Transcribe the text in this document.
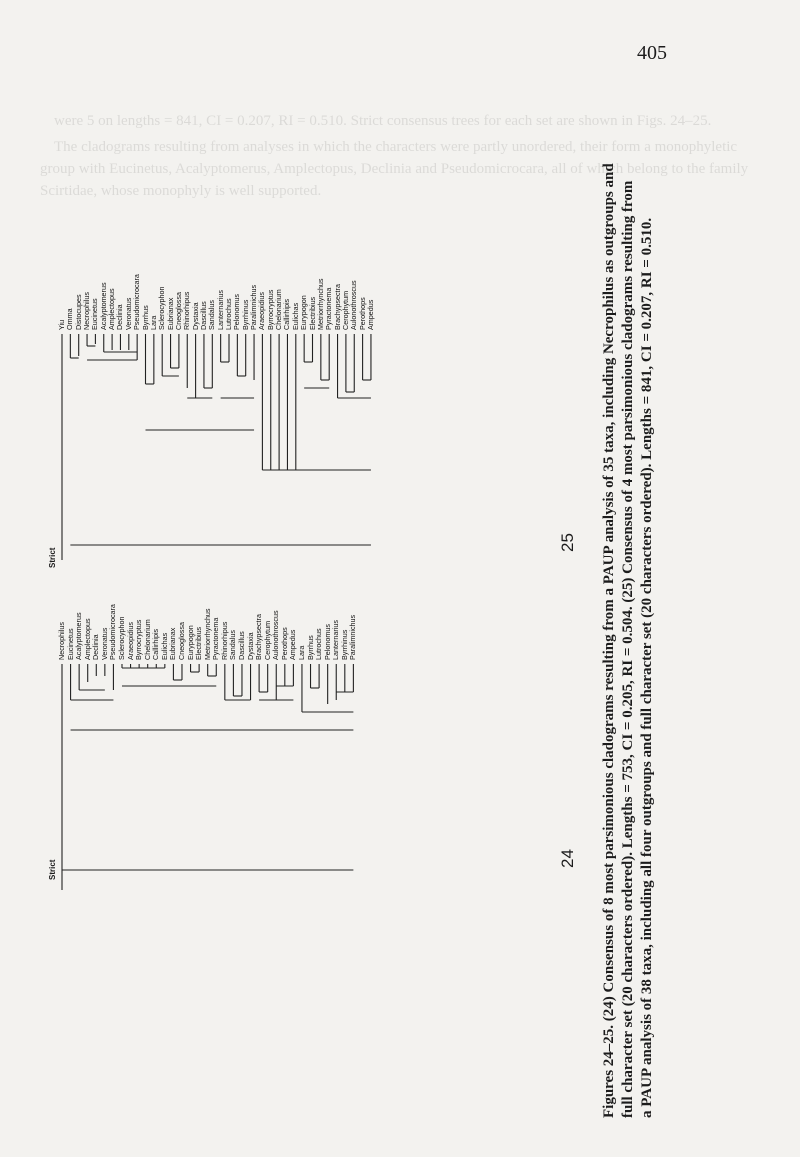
405

were 5 on lengths = 841, CI = 0.207, RI = 0.510. Strict consensus trees for each set are shown in Figs. 24–25.

The cladograms resulting from analyses in which the characters were partly unordered, their form a monophyletic group with Eucinetus, Acalyptomerus, Amplectopus, Declinia and Pseudomicrocara, all of which belong to the family Scirtidae, whose monophyly is well supported.

Necrophilus Eucinetus Acalyptomerus Amplectopus Declinia Veronatus Pseudomicrocara Sclerocyphon Araeopidius Byrrocryptus Chelonarium Callirhipis Eulichas Eubrianax Cneoglossa Eurypogon Electribius Metriorrhynchus Pyractonema Rhinorhipus Sandalus Dascillus Dystaxia Brachypsectra Cerophytum Aulonothroscus Perothops Ampedus Lara Byrrhus Lutrochus Pelonomus Lanternarius Byrrhinus Paralimnichus
Yiu Omma Distocupes Necrophilus Eucinetus Acalyptomerus Amplectopus Declinia Veronatus Pseudomicrocara Byrrhus Lara Sclerocyphon Eubrianax Cneoglossa Rhinorhipus Dystaxia Dascillus Sandalus Lanternarius Lutrochus Pelonomus Byrrhinus Paralimnichus Araeopidius Byrrocryptus Chelonarium Callirhipis Eulichas Eurypogon Electribius Metriorrhynchus Pyractonema Brachypsectra Cerophytum Aulonothroscus Perothops Ampedus
24
25
Strict
Strict	Figures 24–25. (24) Consensus of 8 most parsimonious cladograms resulting from a PAUP analysis of 35 taxa, including Necrophilus as outgroups and full character set (20 characters ordered). Lengths = 753, CI = 0.205, RI = 0.504. (25) Consensus of 4 most parsimonious cladograms resulting from a PAUP analysis of 38 taxa, including all four outgroups and full character set (20 characters ordered). Lengths = 841, CI = 0.207, RI = 0.510.
